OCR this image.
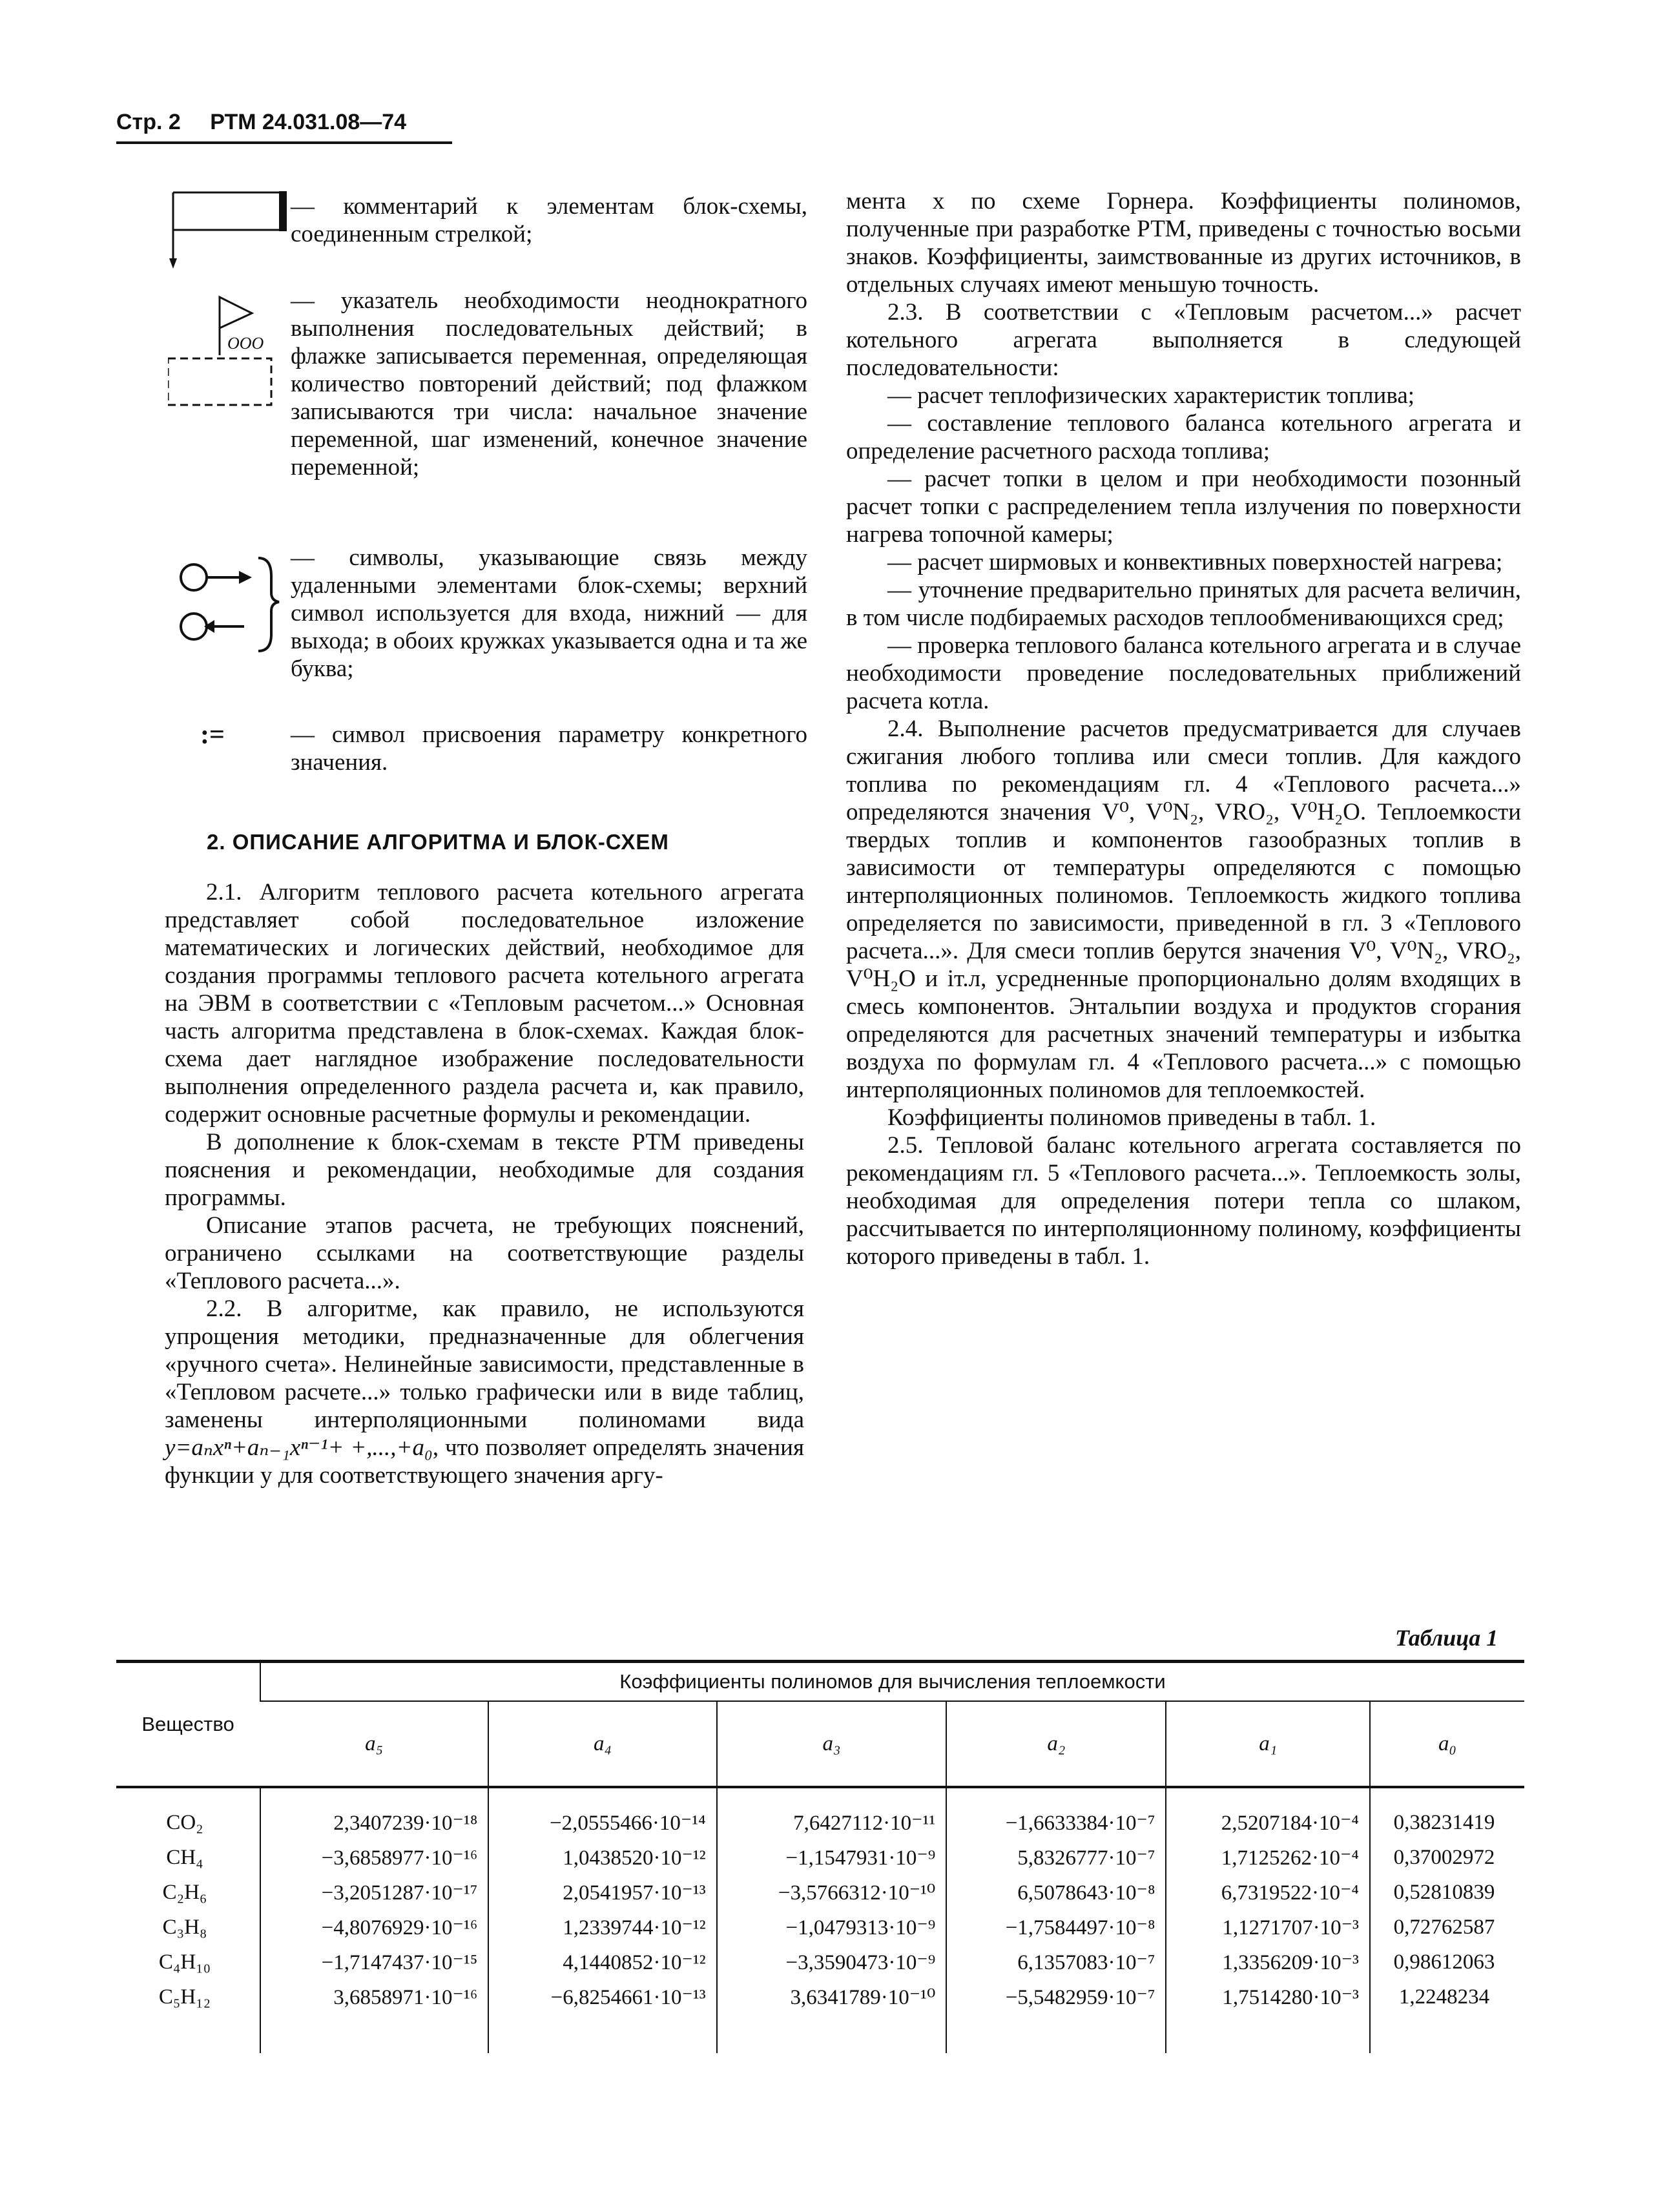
Стр. 2 РТМ 24.031.08—74
— комментарий к элементам блок-схемы, соединенным стрелкой;
ООО
— указатель необходимости неоднократного выполнения последовательных действий; в флажке записывается переменная, определяющая количество повторений действий; под флажком записываются три числа: начальное значение переменной, шаг изменений, конечное значение переменной;
— символы, указывающие связь между удаленными элементами блок-схемы; верхний символ используется для входа, нижний — для выхода; в обоих кружках указывается одна и та же буква;
:=	— символ присвоения параметру конкретного значения.
2. ОПИСАНИЕ АЛГОРИТМА И БЛОК-СХЕМ

2.1. Алгоритм теплового расчета котельного агрегата представляет собой последовательное изложение математических и логических действий, необходимое для создания программы теплового расчета котельного агрегата на ЭВМ в соответствии с «Тепловым расчетом...» Основная часть алгоритма представлена в блок-схемах. Каждая блок-схема дает наглядное изображение последовательности выполнения определенного раздела расчета и, как правило, содержит основные расчетные формулы и рекомендации.

В дополнение к блок-схемам в тексте РТМ приведены пояснения и рекомендации, необходимые для создания программы.

Описание этапов расчета, не требующих пояснений, ограничено ссылками на соответствующие разделы «Теплового расчета...».

2.2. В алгоритме, как правило, не используются упрощения методики, предназначенные для облегчения «ручного счета». Нелинейные зависимости, представленные в «Тепловом расчете...» только графически или в виде таблиц, заменены интерполяционными полиномами вида y=aₙxⁿ+aₙ₋₁xⁿ⁻¹+ +,...,+a₀, что позволяет определять значения функции y для соответствующего значения аргу-

мента x по схеме Горнера. Коэффициенты полиномов, полученные при разработке РТМ, приведены с точностью восьми знаков. Коэффициенты, заимствованные из других источников, в отдельных случаях имеют меньшую точность.

2.3. В соответствии с «Тепловым расчетом...» расчет котельного агрегата выполняется в следующей последовательности:

— расчет теплофизических характеристик топлива;

— составление теплового баланса котельного агрегата и определение расчетного расхода топлива;

— расчет топки в целом и при необходимости позонный расчет топки с распределением тепла излучения по поверхности нагрева топочной камеры;

— расчет ширмовых и конвективных поверхностей нагрева;

— уточнение предварительно принятых для расчета величин, в том числе подбираемых расходов теплообменивающихся сред;

— проверка теплового баланса котельного агрегата и в случае необходимости проведение последовательных приближений расчета котла.

2.4. Выполнение расчетов предусматривается для случаев сжигания любого топлива или смеси топлив. Для каждого топлива по рекомендациям гл. 4 «Теплового расчета...» определяются значения V⁰, V⁰N₂, VRO₂, V⁰H₂O. Теплоемкости твердых топлив и компонентов газообразных топлив в зависимости от температуры определяются с помощью интерполяционных полиномов. Теплоемкость жидкого топлива определяется по зависимости, приведенной в гл. 3 «Теплового расчета...». Для смеси топлив берутся значения V⁰, V⁰N₂, VRO₂, V⁰H₂O и iт.л, усредненные пропорционально долям входящих в смесь компонентов. Энтальпии воздуха и продуктов сгорания определяются для расчетных значений температуры и избытка воздуха по формулам гл. 4 «Теплового расчета...» с помощью интерполяционных полиномов для теплоемкостей.

Коэффициенты полиномов приведены в табл. 1.

2.5. Тепловой баланс котельного агрегата составляется по рекомендациям гл. 5 «Теплового расчета...». Теплоемкость золы, необходимая для определения потери тепла со шлаком, рассчитывается по интерполяционному полиному, коэффициенты которого приведены в табл. 1.

Таблица 1
Вещество	Коэффициенты полиномов для вычисления теплоемкости					
	a₅	a₄	a₃	a₂	a₁	a₀
CO₂	2,3407239·10⁻¹⁸	−2,0555466·10⁻¹⁴	7,6427112·10⁻¹¹	−1,6633384·10⁻⁷	2,5207184·10⁻⁴	0,38231419
CH₄	−3,6858977·10⁻¹⁶	1,0438520·10⁻¹²	−1,1547931·10⁻⁹	5,8326777·10⁻⁷	1,7125262·10⁻⁴	0,37002972
C₂H₆	−3,2051287·10⁻¹⁷	2,0541957·10⁻¹³	−3,5766312·10⁻¹⁰	6,5078643·10⁻⁸	6,7319522·10⁻⁴	0,52810839
C₃H₈	−4,8076929·10⁻¹⁶	1,2339744·10⁻¹²	−1,0479313·10⁻⁹	−1,7584497·10⁻⁸	1,1271707·10⁻³	0,72762587
C₄H₁₀	−1,7147437·10⁻¹⁵	4,1440852·10⁻¹²	−3,3590473·10⁻⁹	6,1357083·10⁻⁷	1,3356209·10⁻³	0,98612063
C₅H₁₂	3,6858971·10⁻¹⁶	−6,8254661·10⁻¹³	3,6341789·10⁻¹⁰	−5,5482959·10⁻⁷	1,7514280·10⁻³	1,2248234
